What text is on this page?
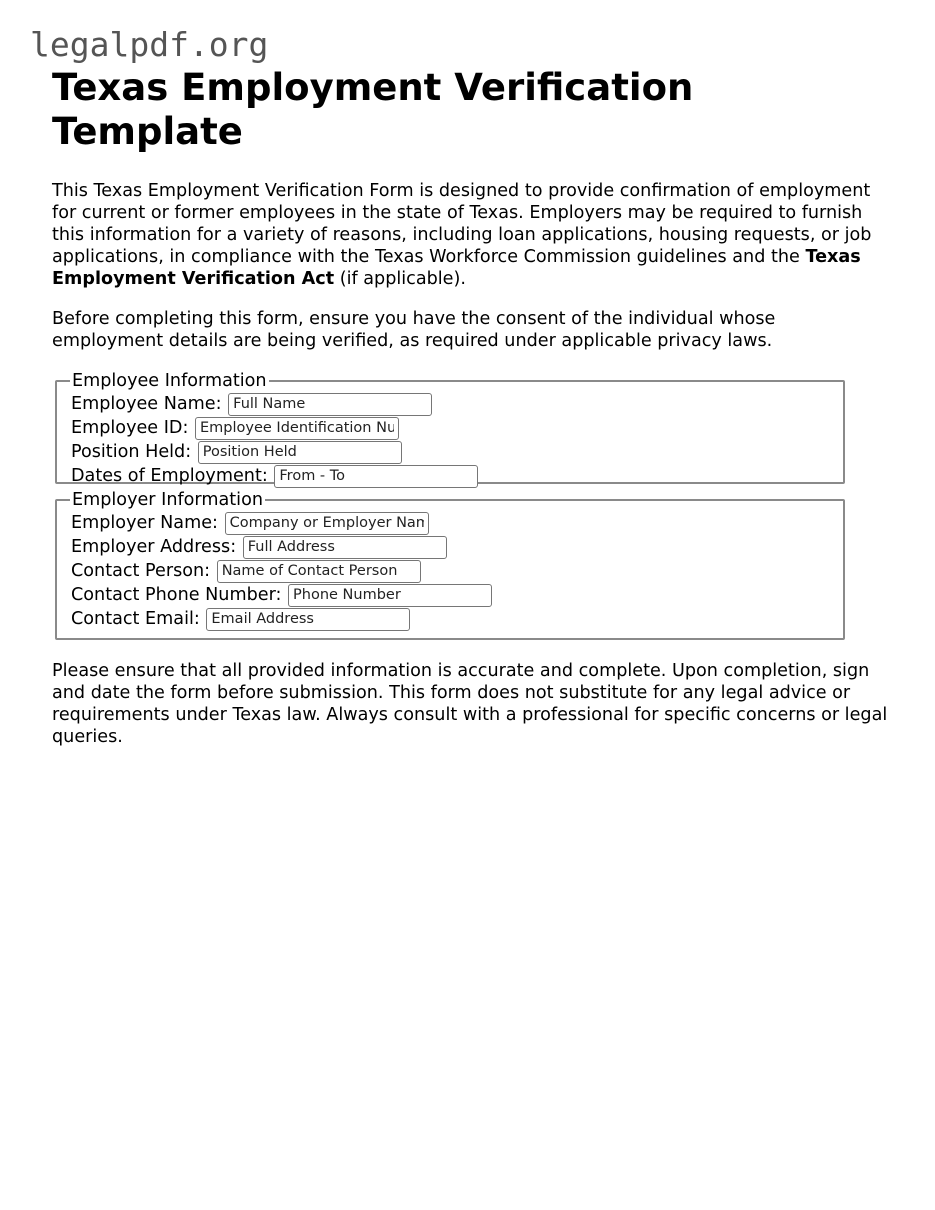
legalpdf.org
Texas Employment Verification Template

This Texas Employment Verification Form is designed to provide confirmation of employment for current or former employees in the state of Texas. Employers may be required to furnish this information for a variety of reasons, including loan applications, housing requests, or job applications, in compliance with the Texas Workforce Commission guidelines and the Texas Employment Verification Act (if applicable).

Before completing this form, ensure you have the consent of the individual whose employment details are being verified, as required under applicable privacy laws.

Employee Information
Employee Name: Full Name
Employee ID: Employee Identification Number
Position Held: Position Held
Dates of Employment: From - To
Employer Information
Employer Name: Company or Employer Name
Employer Address: Full Address
Contact Person: Name of Contact Person
Contact Phone Number: Phone Number
Contact Email: Email Address

Please ensure that all provided information is accurate and complete. Upon completion, sign and date the form before submission. This form does not substitute for any legal advice or requirements under Texas law. Always consult with a professional for specific concerns or legal queries.
